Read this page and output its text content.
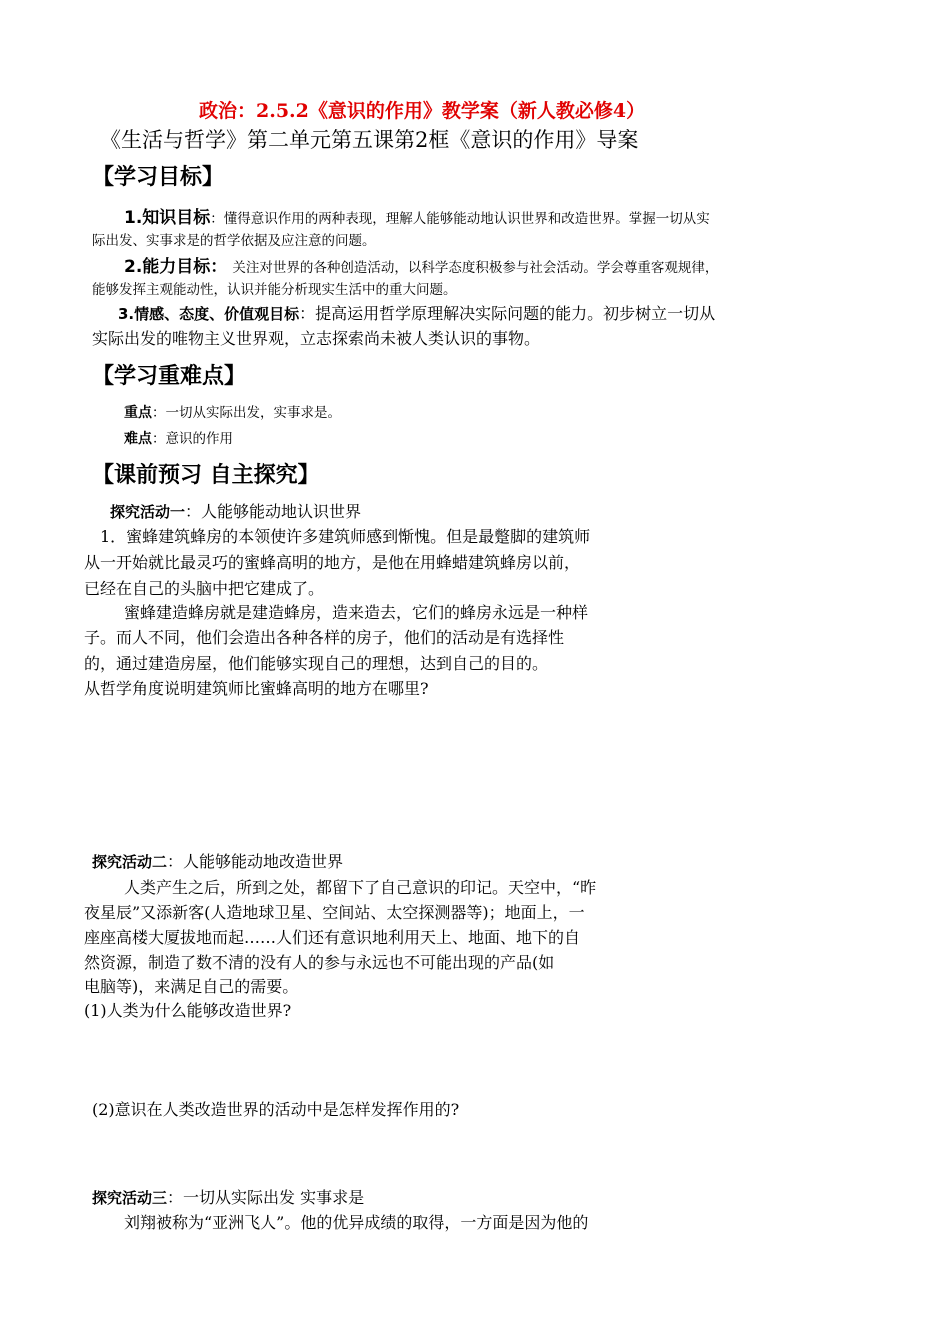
政治：2.5.2《意识的作用》教学案（新人教必修4）
《生活与哲学》第二单元第五课第2框《意识的作用》导案
【学习目标】
1.知识目标：懂得意识作用的两种表现，理解人能够能动地认识世界和改造世界。掌握一切从实
际出发、实事求是的哲学依据及应注意的问题。
2.能力目标： 关注对世界的各种创造活动，以科学态度积极参与社会活动。学会尊重客观规律，
能够发挥主观能动性，认识并能分析现实生活中的重大问题。
3.情感、态度、价值观目标：提高运用哲学原理解决实际问题的能力。初步树立一切从
实际出发的唯物主义世界观，立志探索尚未被人类认识的事物。
【学习重难点】
重点：一切从实际出发，实事求是。
难点：意识的作用
【课前预习 自主探究】
探究活动一：人能够能动地认识世界
1．蜜蜂建筑蜂房的本领使许多建筑师感到惭愧。但是最蹩脚的建筑师
从一开始就比最灵巧的蜜蜂高明的地方，是他在用蜂蜡建筑蜂房以前，
已经在自己的头脑中把它建成了。
蜜蜂建造蜂房就是建造蜂房，造来造去，它们的蜂房永远是一种样
子。而人不同，他们会造出各种各样的房子，他们的活动是有选择性
的，通过建造房屋，他们能够实现自己的理想，达到自己的目的。
从哲学角度说明建筑师比蜜蜂高明的地方在哪里?
探究活动二：人能够能动地改造世界
人类产生之后，所到之处，都留下了自己意识的印记。天空中，“昨
夜星辰”又添新客(人造地球卫星、空间站、太空探测器等)；地面上，一
座座高楼大厦拔地而起……人们还有意识地利用天上、地面、地下的自
然资源，制造了数不清的没有人的参与永远也不可能出现的产品(如
电脑等)，来满足自己的需要。
(1)人类为什么能够改造世界?
(2)意识在人类改造世界的活动中是怎样发挥作用的?
探究活动三：一切从实际出发 实事求是
刘翔被称为“亚洲飞人”。他的优异成绩的取得，一方面是因为他的
